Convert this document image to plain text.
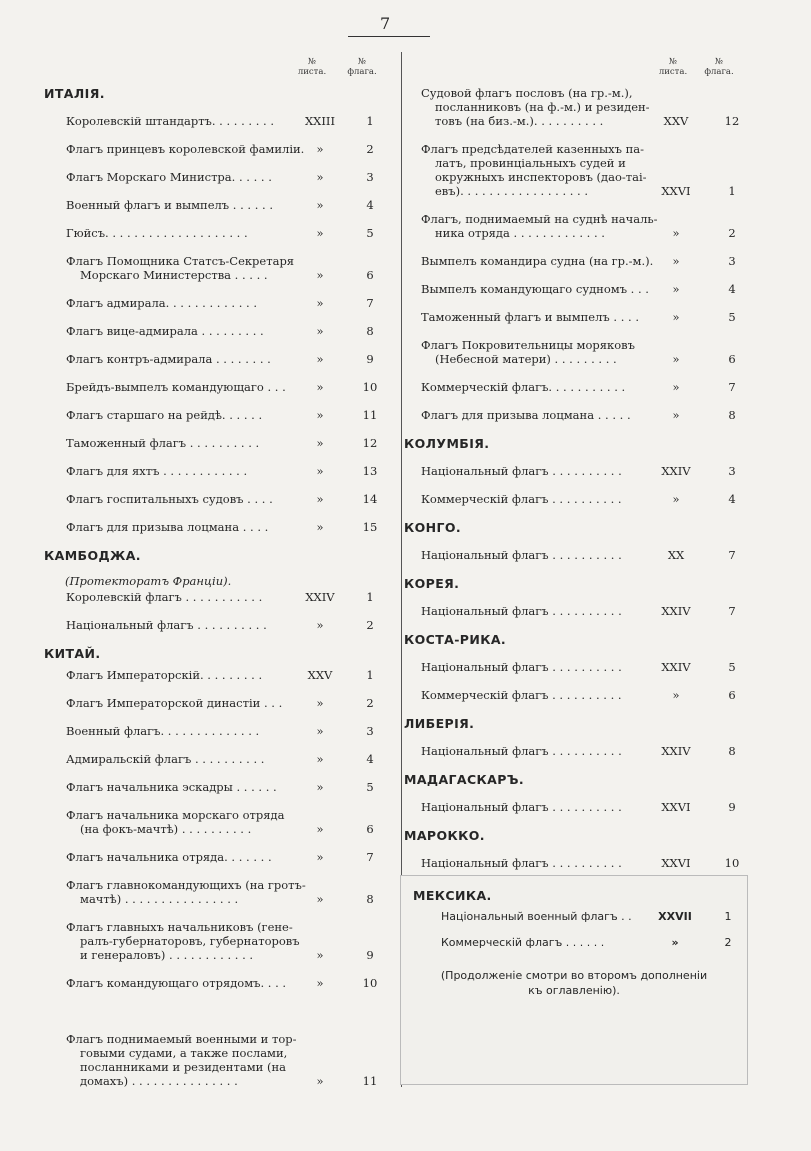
7
№
листа.
№
флага.
ИТАЛІЯ.
Королевскій штандартъ. . . . . . . . .	XXIII	1
Флагъ принцевъ королевской фамиліи.	»	2
Флагъ Морскаго Министра. . . . . .	»	3
Военный флагъ и вымпелъ . . . . . .	»	4
Гюйсъ. . . . . . . . . . . . . . . . . . . .	»	5
Флагъ Помощника Статсъ-Секретаря
Морскаго Министерства . . . . .	»	6
Флагъ адмирала. . . . . . . . . . . . .	»	7
Флагъ вице-адмирала . . . . . . . . .	»	8
Флагъ контръ-адмирала . . . . . . . .	»	9
Брейдъ-вымпелъ командующаго . . .	»	10
Флагъ старшаго на рейдѣ. . . . . .	»	11
Таможенный флагъ . . . . . . . . . .	»	12
Флагъ для яхтъ . . . . . . . . . . . .	»	13
Флагъ госпитальныхъ судовъ . . . .	»	14
Флагъ для призыва лоцмана . . . .	»	15
КАМБОДЖА.
(Протекторатъ Франціи).
Королевскій флагъ . . . . . . . . . . .	XXIV	1
Національный флагъ . . . . . . . . . .	»	2
КИТАЙ.
Флагъ Императорскій. . . . . . . . .	XXV	1
Флагъ Императорской династіи . . .	»	2
Военный флагъ. . . . . . . . . . . . . .	»	3
Адмиральскій флагъ . . . . . . . . . .	»	4
Флагъ начальника эскадры . . . . . .	»	5
Флагъ начальника морскаго отряда
(на фокъ-мачтѣ) . . . . . . . . . .	»	6
Флагъ начальника отряда. . . . . . .	»	7
Флагъ главнокомандующихъ (на гротъ-
мачтѣ) . . . . . . . . . . . . . . . .	»	8
Флагъ главныхъ начальниковъ (гене-
ралъ-губернаторовъ, губернаторовъ
и генераловъ) . . . . . . . . . . . .	»	9
Флагъ командующаго отрядомъ. . . .	»	10
Флагъ поднимаемый военными и тор-
говыми судами, а также послами,
посланниками и резидентами (на
домахъ) . . . . . . . . . . . . . . .	»	11
№
листа.
№
флага.
Судовой флагъ пословъ (на гр.-м.),
посланниковъ (на ф.-м.) и резиден-
товъ (на биз.-м.). . . . . . . . . .	XXV	12
Флагъ предсѣдателей казенныхъ па-
латъ, провинціальныхъ судей и
окружныхъ инспекторовъ (дао-таі-
евъ). . . . . . . . . . . . . . . . . .	XXVI	1
Флагъ, поднимаемый на суднѣ началь-
ника отряда . . . . . . . . . . . . .	»	2
Вымпелъ командира судна (на гр.-м.).	»	3
Вымпелъ командующаго судномъ . . .	»	4
Таможенный флагъ и вымпелъ . . . .	»	5
Флагъ Покровительницы моряковъ
(Небесной матери) . . . . . . . . .	»	6
Коммерческій флагъ. . . . . . . . . . .	»	7
Флагъ для призыва лоцмана . . . . .	»	8
КОЛУМБІЯ.
Національный флагъ . . . . . . . . . .	XXIV	3
Коммерческій флагъ . . . . . . . . . .	»	4
КОНГО.
Національный флагъ . . . . . . . . . .	XX	7
КОРЕЯ.
Національный флагъ . . . . . . . . . .	XXIV	7
КОСТА-РИКА.
Національный флагъ . . . . . . . . . .	XXIV	5
Коммерческій флагъ . . . . . . . . . .	»	6
ЛИБЕРІЯ.
Національный флагъ . . . . . . . . . .	XXIV	8
МАДАГАСКАРЪ.
Національный флагъ . . . . . . . . . .	XXVI	9
МАРОККО.
Національный флагъ . . . . . . . . . .	XXVI	10
МЕКСИКА.
(Продолженіе смотри во второмъ дополненіи
къ оглавленію).
Національный военный флагъ . .	XXVII	1
Коммерческій флагъ . . . . . .	»	2
